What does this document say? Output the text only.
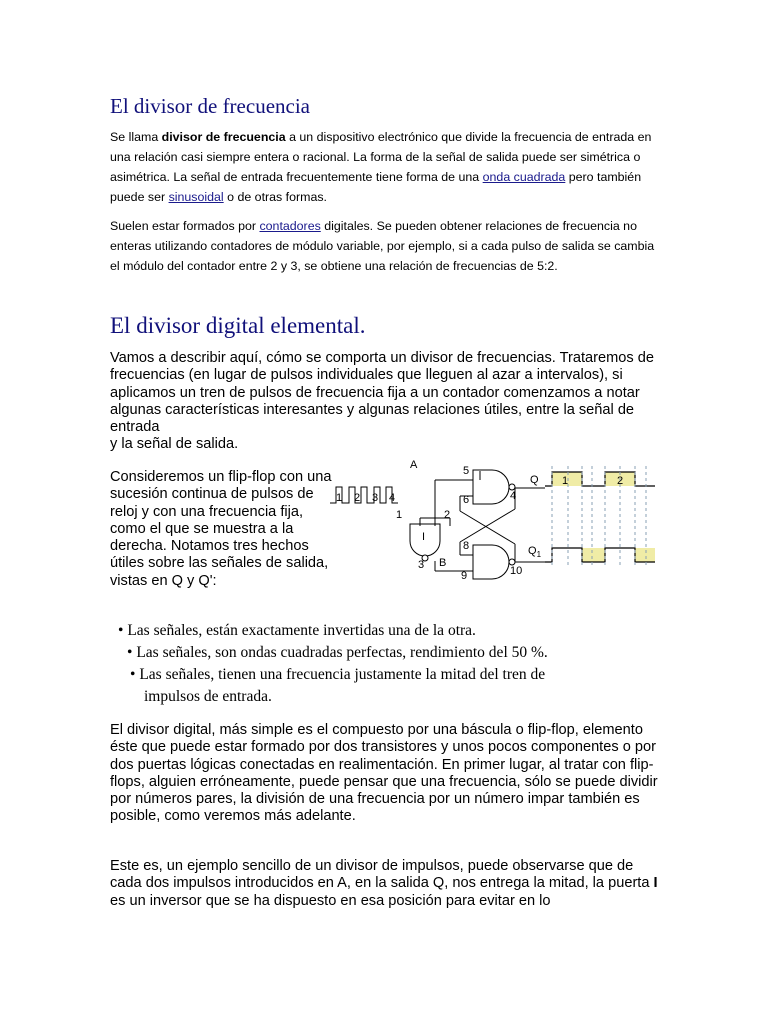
El divisor de frecuencia

Se llama divisor de frecuencia a un dispositivo electrónico que divide la frecuencia de entrada en una relación casi siempre entera o racional. La forma de la señal de salida puede ser simétrica o asimétrica. La señal de entrada frecuentemente tiene forma de una onda cuadrada pero también puede ser sinusoidal o de otras formas.

Suelen estar formados por contadores digitales. Se pueden obtener relaciones de frecuencia no enteras utilizando contadores de módulo variable, por ejemplo, si a cada pulso de salida se cambia el módulo del contador entre 2 y 3, se obtiene una relación de frecuencias de 5:2.

El divisor digital elemental.

Vamos a describir aquí, cómo se comporta un divisor de frecuencias. Trataremos de frecuencias (en lugar de pulsos individuales que lleguen al azar a intervalos), si aplicamos un tren de pulsos de frecuencia fija a un contador comenzamos a notar algunas características interesantes y algunas relaciones útiles, entre la señal de entrada

y la señal de salida.

Consideremos un flip-flop con una sucesión continua de pulsos de reloj y con una frecuencia fija, como el que se muestra a la derecha. Notamos tres hechos útiles sobre las señales de salida, vistas en Q y Q':

• Las señales, están exactamente invertidas una de la otra.
• Las señales, son ondas cuadradas perfectas, rendimiento del 50 %.
• Las señales, tienen una frecuencia justamente la mitad del tren de
impulsos de entrada.

El divisor digital, más simple es el compuesto por una báscula o flip-flop, elemento éste que puede estar formado por dos transistores y unos pocos componentes o por dos puertas lógicas conectadas en realimentación. En primer lugar, al tratar con flip-flops, alguien erróneamente, puede pensar que una frecuencia, sólo se puede dividir por números pares, la división de una frecuencia por un número impar también es posible, como veremos más adelante.

Este es, un ejemplo sencillo de un divisor de impulsos, puede observarse que de cada dos impulsos introducidos en A, en la salida Q, nos entrega la mitad, la puerta I es un inversor que se ha dispuesto en esa posición para evitar en lo

1 2 3 4
A	5
6	4
Q
1	2
I
8
9	10
3 B
$Q_1$
1	2
